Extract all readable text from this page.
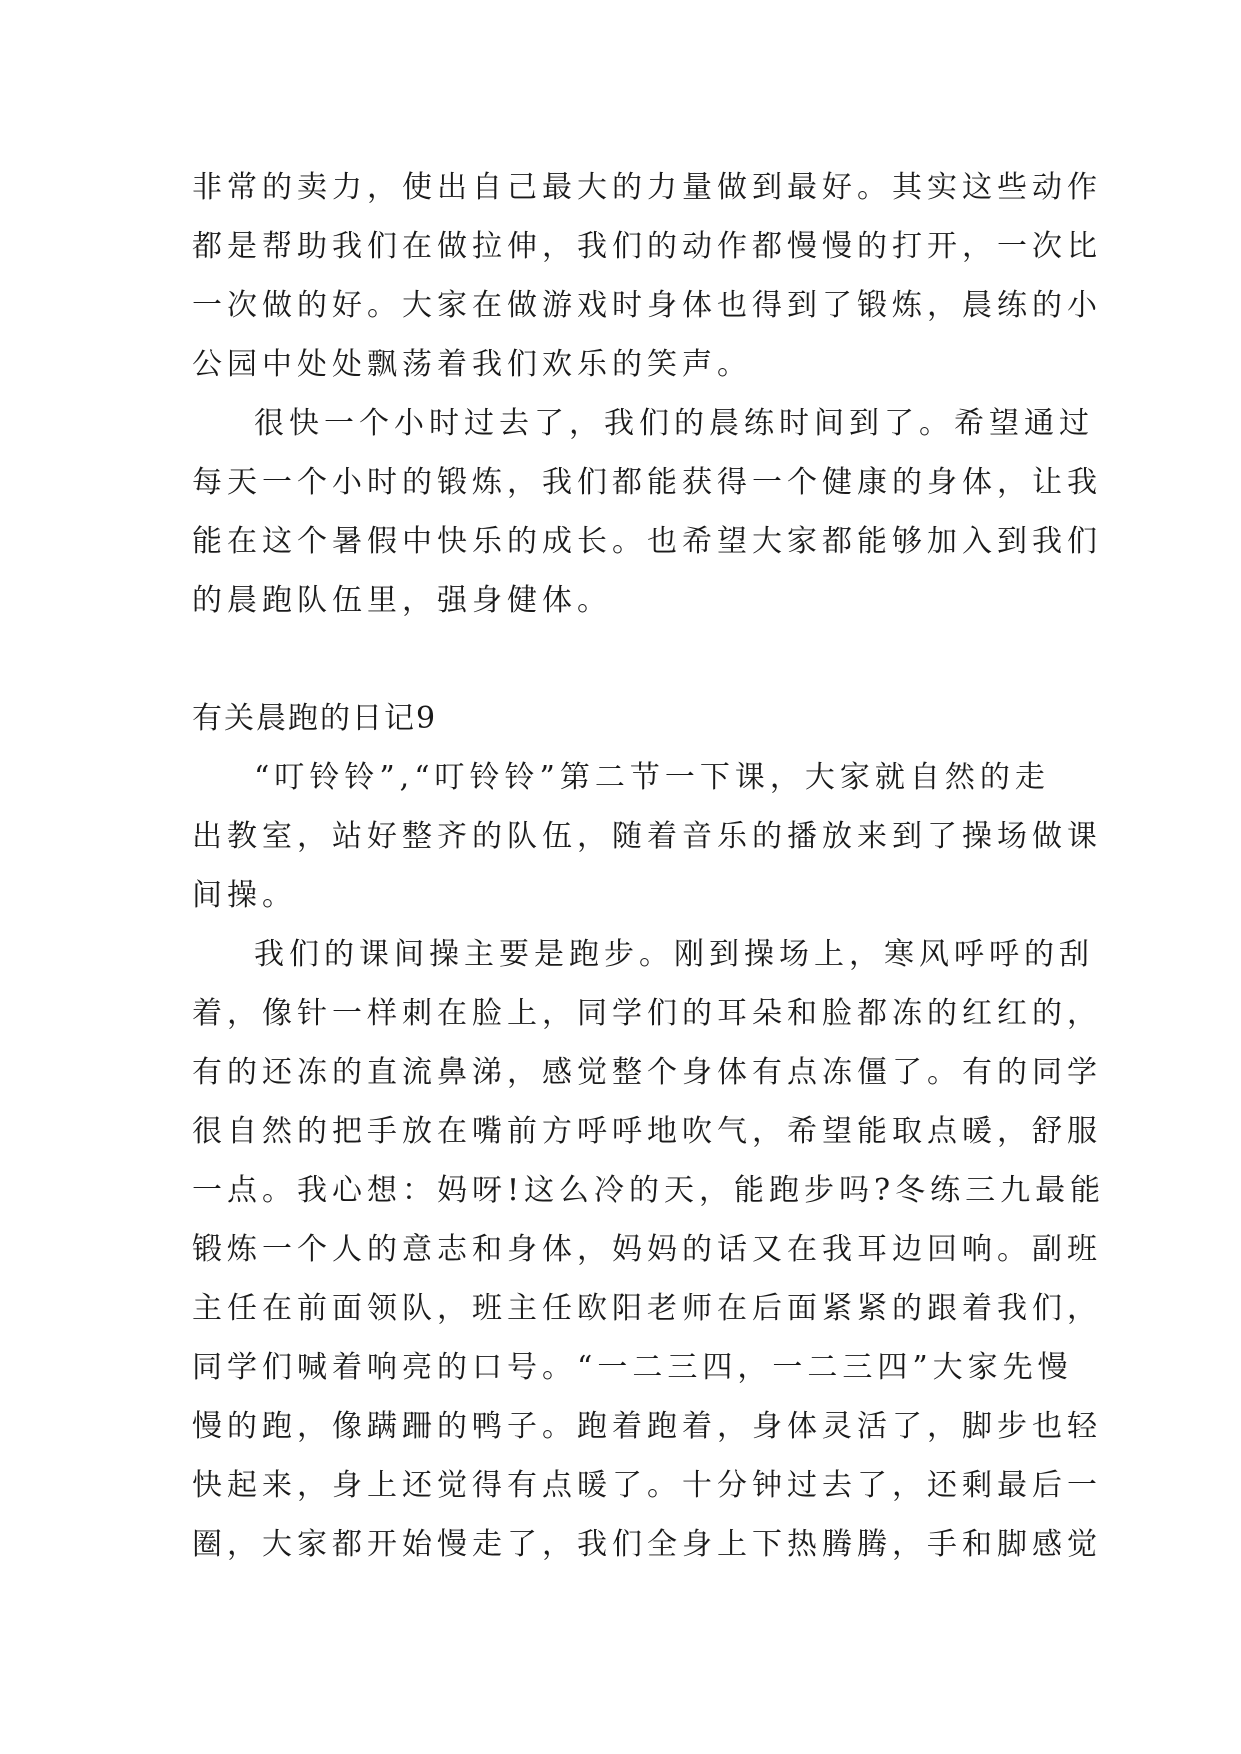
非常的卖力，使出自己最大的力量做到最好。其实这些动作
都是帮助我们在做拉伸，我们的动作都慢慢的打开，一次比
一次做的好。大家在做游戏时身体也得到了锻炼，晨练的小
公园中处处飘荡着我们欢乐的笑声。
很快一个小时过去了，我们的晨练时间到了。希望通过
每天一个小时的锻炼，我们都能获得一个健康的身体，让我
能在这个暑假中快乐的成长。也希望大家都能够加入到我们
的晨跑队伍里，强身健体。
有关晨跑的日记9
“叮铃铃”,“叮铃铃”第二节一下课，大家就自然的走
出教室，站好整齐的队伍，随着音乐的播放来到了操场做课
间操。
我们的课间操主要是跑步。刚到操场上，寒风呼呼的刮
着，像针一样刺在脸上，同学们的耳朵和脸都冻的红红的，
有的还冻的直流鼻涕，感觉整个身体有点冻僵了。有的同学
很自然的把手放在嘴前方呼呼地吹气，希望能取点暖，舒服
一点。我心想：妈呀!这么冷的天，能跑步吗?冬练三九最能
锻炼一个人的意志和身体，妈妈的话又在我耳边回响。副班
主任在前面领队，班主任欧阳老师在后面紧紧的跟着我们，
同学们喊着响亮的口号。“一二三四，一二三四”大家先慢
慢的跑，像蹒跚的鸭子。跑着跑着，身体灵活了，脚步也轻
快起来，身上还觉得有点暖了。十分钟过去了，还剩最后一
圈，大家都开始慢走了，我们全身上下热腾腾，手和脚感觉
